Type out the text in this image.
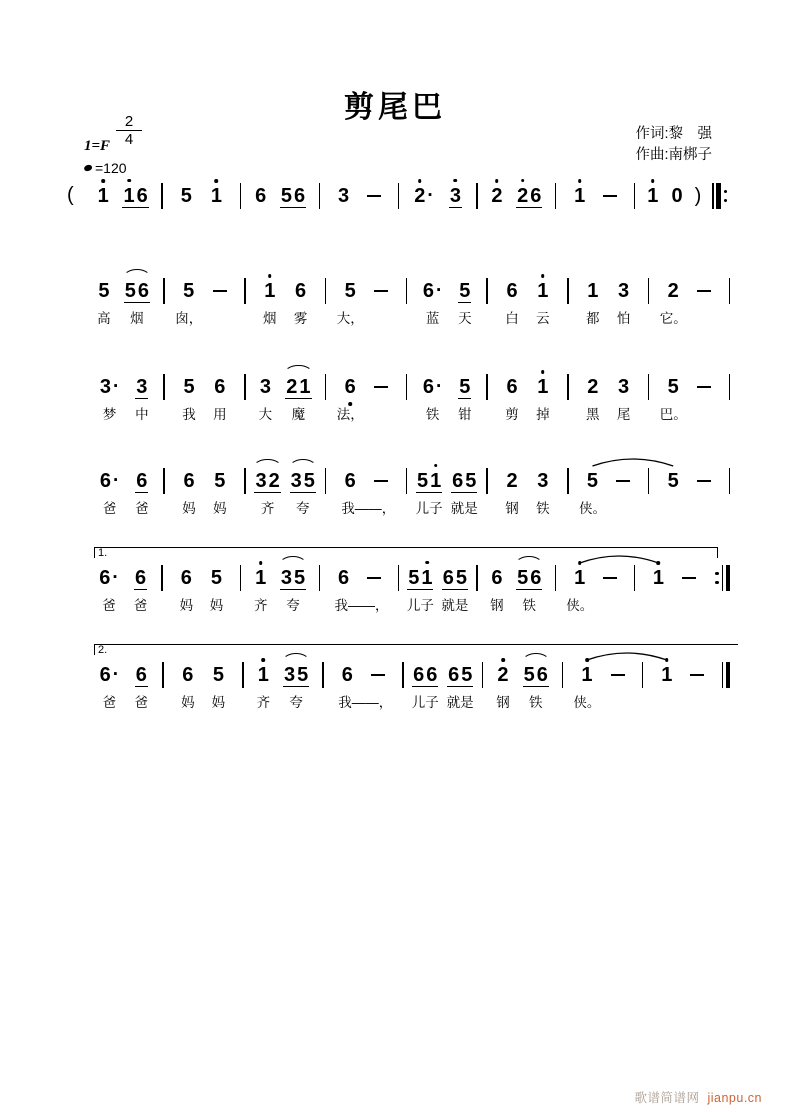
剪尾巴
作词:黎　强
作曲:南梆子
2
4
1=F
=120
( 1 1 6 5 1 6 5 6 3	2 · 3 2 2 6 1	1 0 )
5
高
5 6
烟
5
囱，
1
烟
6
雾
5
大，
6 ·
蓝
5
天
6
白
1
云
1
都
3
怕
2
它。
3 ·
梦
3
中
5
我
6
用
3
大
2 1
魔
6
法，
6 ·
铁
5
钳
6
剪
1
掉
2
黑
3
尾
5
巴。
6 ·
爸
6
爸
6
妈
5
妈
3 2
齐
3 5
夸
6
我——，
5 1
儿子
6 5
就是
2
钢
3
铁
5
侠。
5
1.
6 ·
爸
6
爸
6
妈
5
妈
1
齐
3 5
夸
6
我——，
5 1
儿子
6 5
就是
6
钢
5 6
铁
1
侠。
1
2.
6 ·
爸
6
爸
6
妈
5
妈
1
齐
3 5
夸
6
我——，
6 6
儿子
6 5
就是
2
钢
5 6
铁
1
侠。
1
歌谱简谱网 jianpu.cn
